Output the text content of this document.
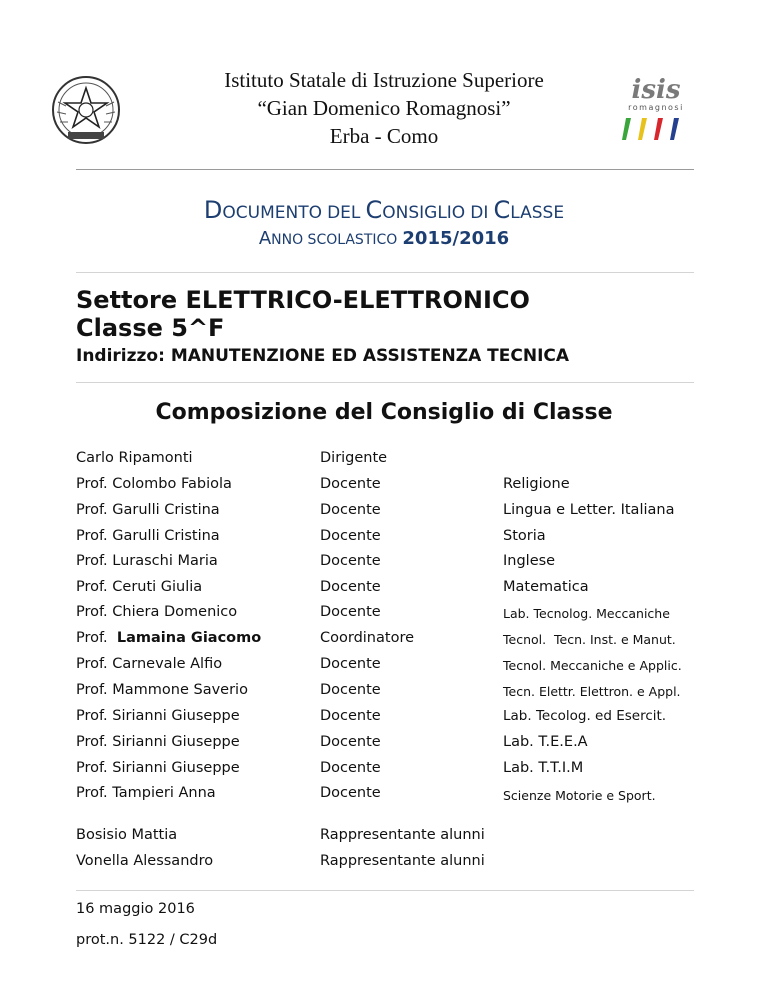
Istituto Statale di Istruzione Superiore
“Gian Domenico Romagnosi”
Erba - Como
isis
romagnosi
DOCUMENTO DEL CONSIGLIO DI CLASSE
ANNO SCOLASTICO 2015/2016
Settore ELETTRICO-ELETTRONICO
Classe 5^F
Indirizzo: MANUTENZIONE ED ASSISTENZA TECNICA
Composizione del Consiglio di Classe
Carlo Ripamonti	Dirigente
Prof. Colombo Fabiola	Docente	Religione
Prof. Garulli Cristina	Docente	Lingua e Letter. Italiana
Prof. Garulli Cristina	Docente	Storia
Prof. Luraschi Maria	Docente	Inglese
Prof. Ceruti Giulia	Docente	Matematica
Prof. Chiera Domenico	Docente	Lab. Tecnolog. Meccaniche
Prof. Lamaina Giacomo	Coordinatore	Tecnol.  Tecn. Inst. e Manut.
Prof. Carnevale Alfio	Docente	Tecnol. Meccaniche e Applic.
Prof. Mammone Saverio	Docente	Tecn. Elettr. Elettron. e Appl.
Prof. Sirianni Giuseppe	Docente	Lab. Tecolog. ed Esercit.
Prof. Sirianni Giuseppe	Docente	Lab. T.E.E.A
Prof. Sirianni Giuseppe	Docente	Lab. T.T.I.M
Prof. Tampieri Anna	Docente	Scienze Motorie e Sport.
Bosisio Mattia	Rappresentante alunni
Vonella Alessandro	Rappresentante alunni
16 maggio 2016
prot.n. 5122 / C29d
